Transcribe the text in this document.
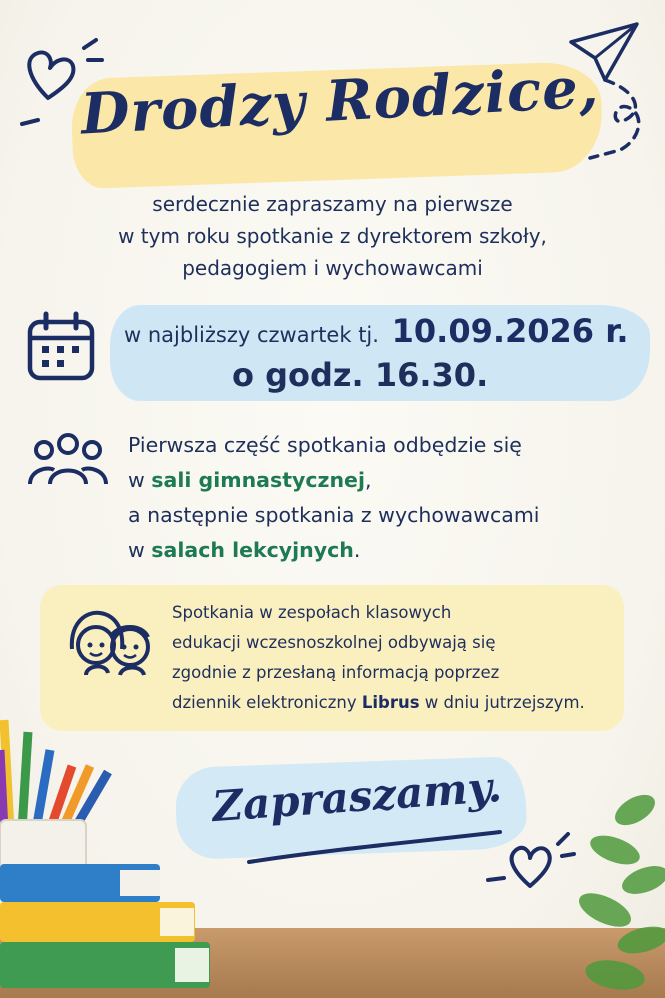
Drodzy Rodzice,
serdecznie zapraszamy na pierwsze
w tym roku spotkanie z dyrektorem szkoły,
pedagogiem i wychowawcami
w najbliższy czwartek tj. 10.09.2026 r.
o godz. 16.30.
Pierwsza część spotkania odbędzie się
w sali gimnastycznej,
a następnie spotkania z wychowawcami
w salach lekcyjnych.
Spotkania w zespołach klasowych
edukacji wczesnoszkolnej odbywają się
zgodnie z przesłaną informacją poprzez
dziennik elektroniczny Librus w dniu jutrzejszym.
Zapraszamy.
